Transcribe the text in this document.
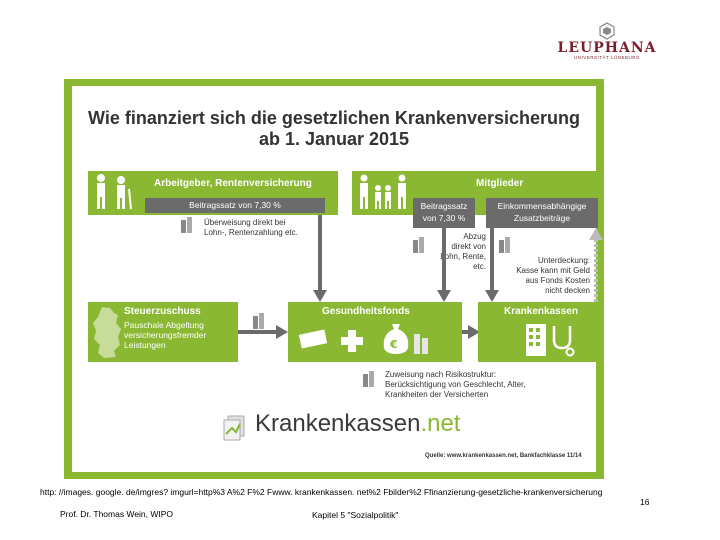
LEUPHANA
UNIVERSITÄT LÜNEBURG
Wie finanziert sich die gesetzlichen Krankenversicherung
ab 1. Januar 2015
Arbeitgeber, Rentenversicherung
Beitragssatz von 7,30 %
Überweisung direkt bei
Lohn-, Rentenzahlung etc.
Mitglieder
Beitragssatz
von 7,30 %
Einkommensabhängige
Zusatzbeiträge
Abzug
direkt von
Lohn, Rente,
etc.
Unterdeckung:
Kasse kann mit Geld
aus Fonds Kosten
nicht decken
Steuerzuschuss
Pauschale Abgeltung
versicherungsfremder
Leistungen
Gesundheitsfonds
€
Krankenkassen
Zuweisung nach Risikostruktur:
Berücksichtigung von Geschlecht, Alter,
Krankheiten der Versicherten
Krankenkassen.net
Quelle: www.krankenkassen.net, Bankfachklasse 11/14
http: //images. google. de/imgres? imgurl=http%3 A%2 F%2 Fwww. krankenkassen. net%2 Fbilder%2 Ffinanzierung-gesetzliche-krankenversicherung
16
Prof. Dr. Thomas Wein, WIPO	Kapitel 5 "Sozialpolitik"
